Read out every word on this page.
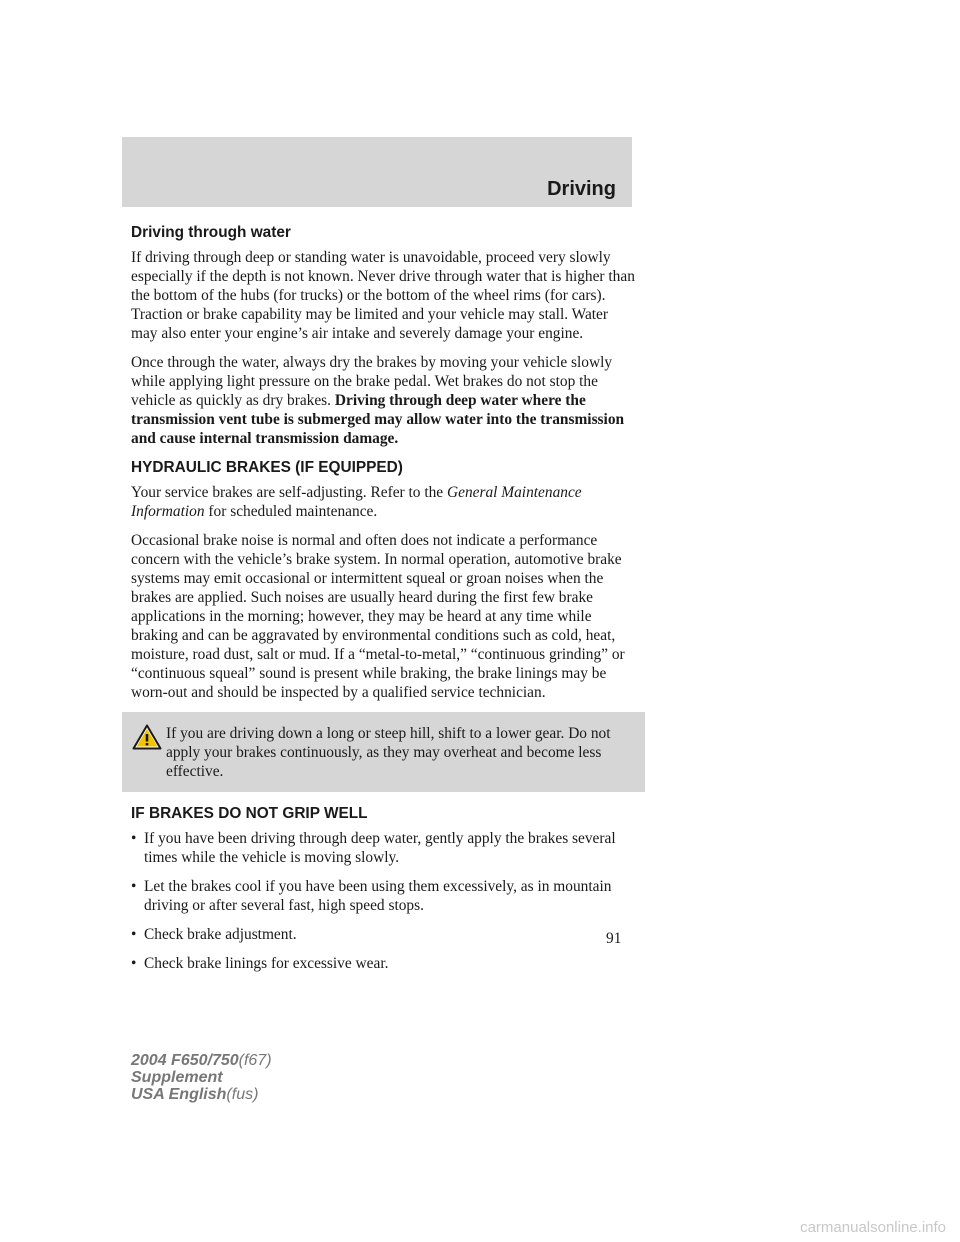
Driving
Driving through water

If driving through deep or standing water is unavoidable, proceed very slowly especially if the depth is not known. Never drive through water that is higher than the bottom of the hubs (for trucks) or the bottom of the wheel rims (for cars). Traction or brake capability may be limited and your vehicle may stall. Water may also enter your engine’s air intake and severely damage your engine.

Once through the water, always dry the brakes by moving your vehicle slowly while applying light pressure on the brake pedal. Wet brakes do not stop the vehicle as quickly as dry brakes. Driving through deep water where the transmission vent tube is submerged may allow water into the transmission and cause internal transmission damage.

HYDRAULIC BRAKES (IF EQUIPPED)

Your service brakes are self-adjusting. Refer to the General Maintenance Information for scheduled maintenance.

Occasional brake noise is normal and often does not indicate a performance concern with the vehicle’s brake system. In normal operation, automotive brake systems may emit occasional or intermittent squeal or groan noises when the brakes are applied. Such noises are usually heard during the first few brake applications in the morning; however, they may be heard at any time while braking and can be aggravated by environmental conditions such as cold, heat, moisture, road dust, salt or mud. If a “metal-to-metal,” “continuous grinding” or “continuous squeal” sound is present while braking, the brake linings may be worn-out and should be inspected by a qualified service technician.

If you are driving down a long or steep hill, shift to a lower gear. Do not apply your brakes continuously, as they may overheat and become less effective.
IF BRAKES DO NOT GRIP WELL
• If you have been driving through deep water, gently apply the brakes several times while the vehicle is moving slowly.
• Let the brakes cool if you have been using them excessively, as in mountain driving or after several fast, high speed stops.
• Check brake adjustment.
• Check brake linings for excessive wear.
91
2004 F650/750(f67)
Supplement
USA English(fus)
carmanualsonline.info
